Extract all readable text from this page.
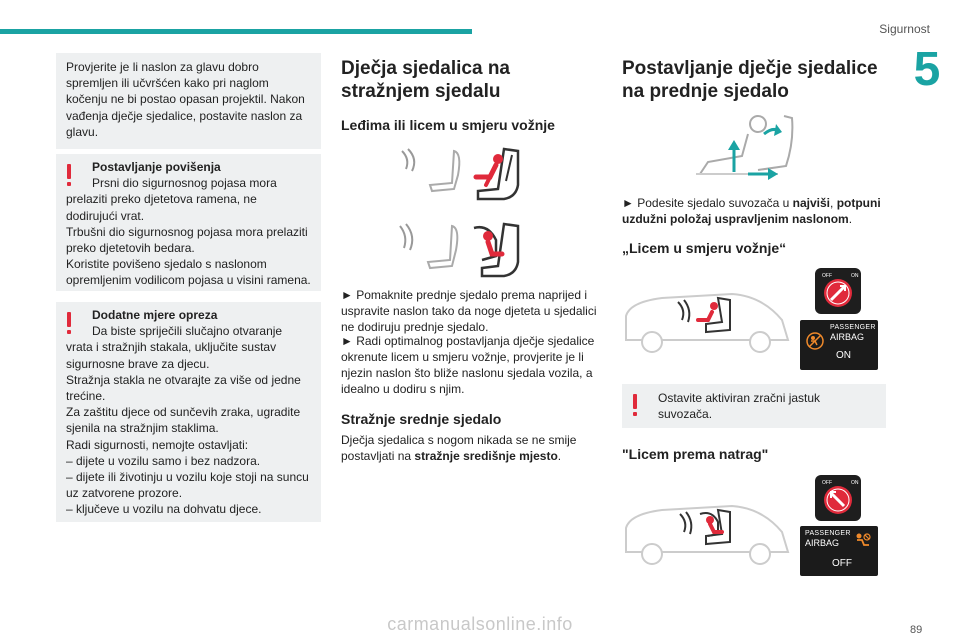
Sigurnost
5

Provjerite je li naslon za glavu dobro spremljen ili učvršćen kako pri naglom kočenju ne bi postao opasan projektil. Nakon vađenja dječje sjedalice, postavite naslon za glavu.

Postavljanje povišenja

Prsni dio sigurnosnog pojasa mora prelaziti preko djetetova ramena, ne dodirujući vrat.

Trbušni dio sigurnosnog pojasa mora prelaziti preko djetetovih bedara.

Koristite povišeno sjedalo s naslonom opremljenim vodilicom pojasa u visini ramena.

Dodatne mjere opreza

Da biste spriječili slučajno otvaranje vrata i stražnjih stakala, uključite sustav sigurnosne brave za djecu.

Stražnja stakla ne otvarajte za više od jedne trećine.

Za zaštitu djece od sunčevih zraka, ugradite sjenila na stražnjim staklima.

Radi sigurnosti, nemojte ostavljati:

– dijete u vozilu samo i bez nadzora.

– dijete ili životinju u vozilu koje stoji na suncu uz zatvorene prozore.

– ključeve u vozilu na dohvatu djece.

Dječja sjedalica na stražnjem sjedalu
Leđima ili licem u smjeru vožnje
► Pomaknite prednje sjedalo prema naprijed i uspravite naslon tako da noge djeteta u sjedalici ne dodiruju prednje sjedalo.
► Radi optimalnog postavljanja dječje sjedalice okrenute licem u smjeru vožnje, provjerite je li njezin naslon što bliže naslonu sjedala vozila, a idealno u dodiru s njim.
Stražnje srednje sjedalo
Dječja sjedalica s nogom nikada se ne smije postavljati na stražnje središnje mjesto.
Postavljanje dječje sjedalice na prednje sjedalo
► Podesite sjedalo suvozača u najviši, potpuni uzdužni položaj uspravljenim naslonom.
„Licem u smjeru vožnje“
OFF	ON
PASSENGER
AIRBAG
ON

Ostavite aktiviran zračni jastuk suvozača.

"Licem prema natrag"
OFF	ON
PASSENGER
AIRBAG
OFF
89
carmanualsonline.info
